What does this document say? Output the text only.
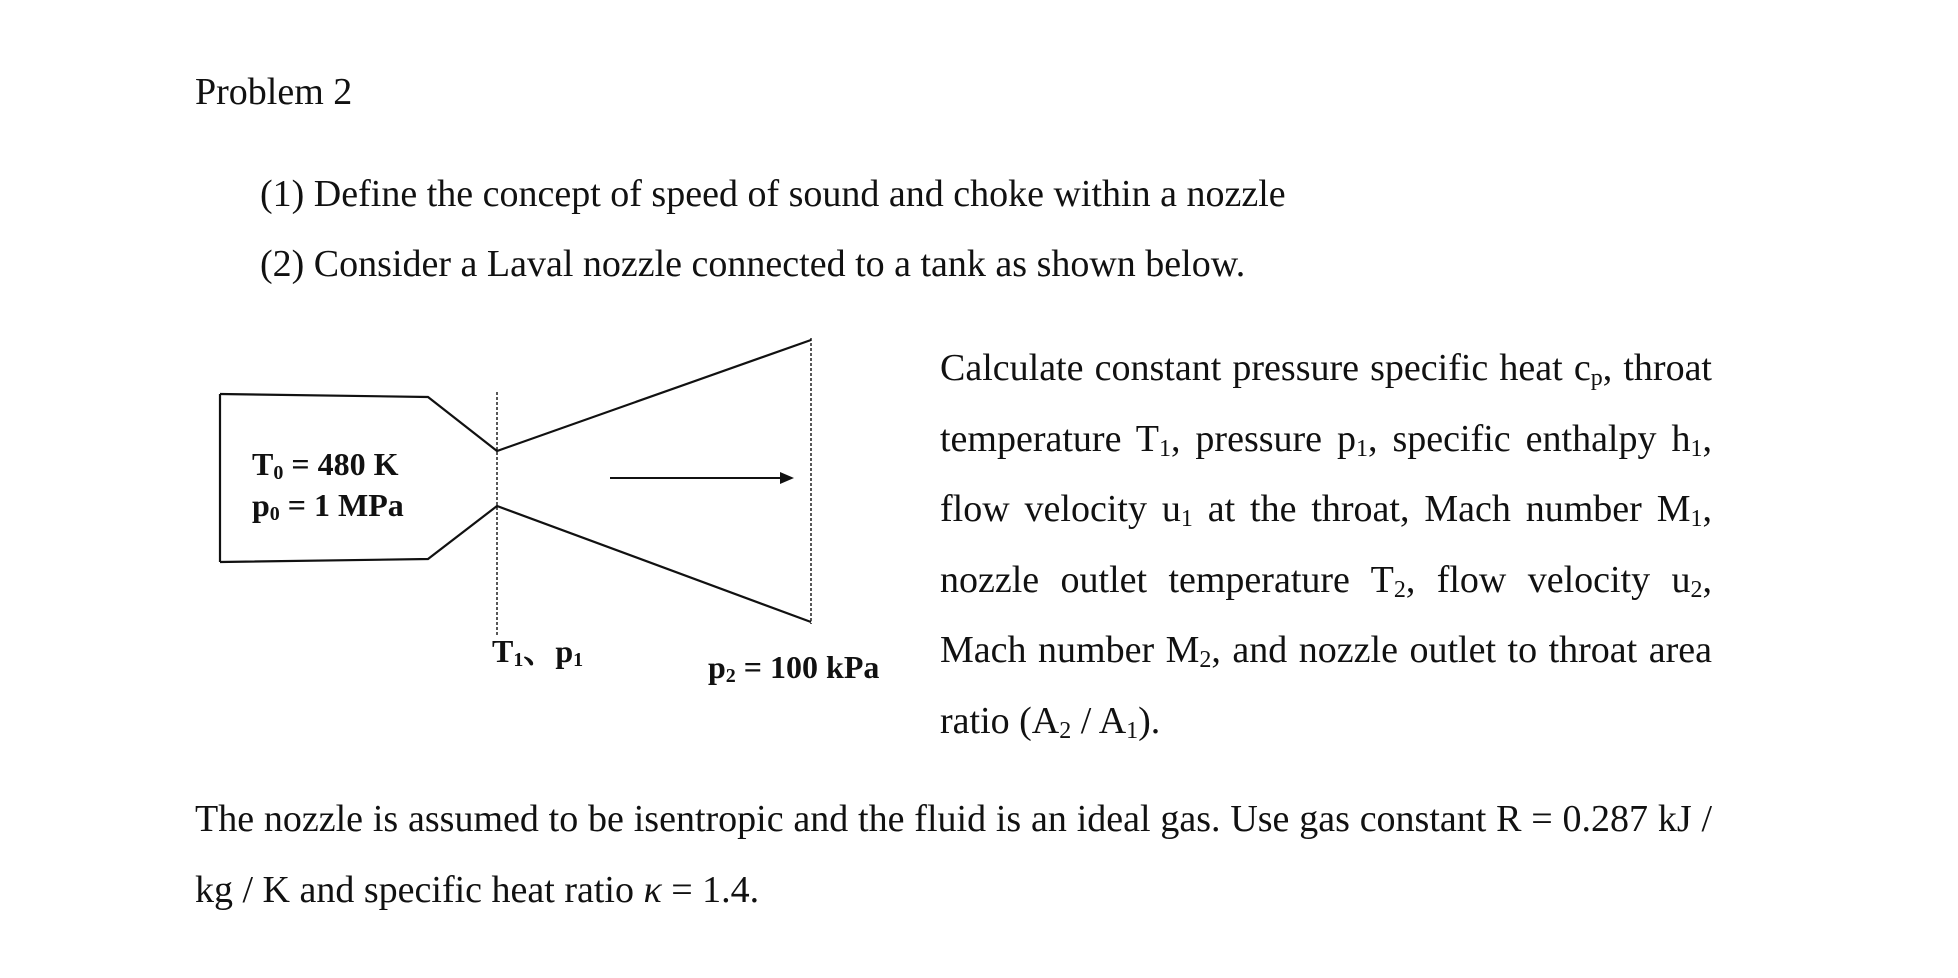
Problem 2
(1) Define the concept of speed of sound and choke within a nozzle
(2) Consider a Laval nozzle connected to a tank as shown below.
$T_0 = 480$ K
$p_0 = 1$ MPa
$T_1$、$p_1$	$p_2 = 100$ kPa
Calculate constant pressure specific heat $c_p$, throat temperature $T_1$, pressure $p_1$, specific enthalpy $h_1$, flow velocity $u_1$ at the throat, Mach number $M_1$, nozzle outlet temperature $T_2$, flow velocity $u_2$, Mach number $M_2$, and nozzle outlet to throat area ratio $(A_2 / A_1)$.
The nozzle is assumed to be isentropic and the fluid is an ideal gas. Use gas constant R = 0.287 kJ / kg / K and specific heat ratio κ = 1.4.
